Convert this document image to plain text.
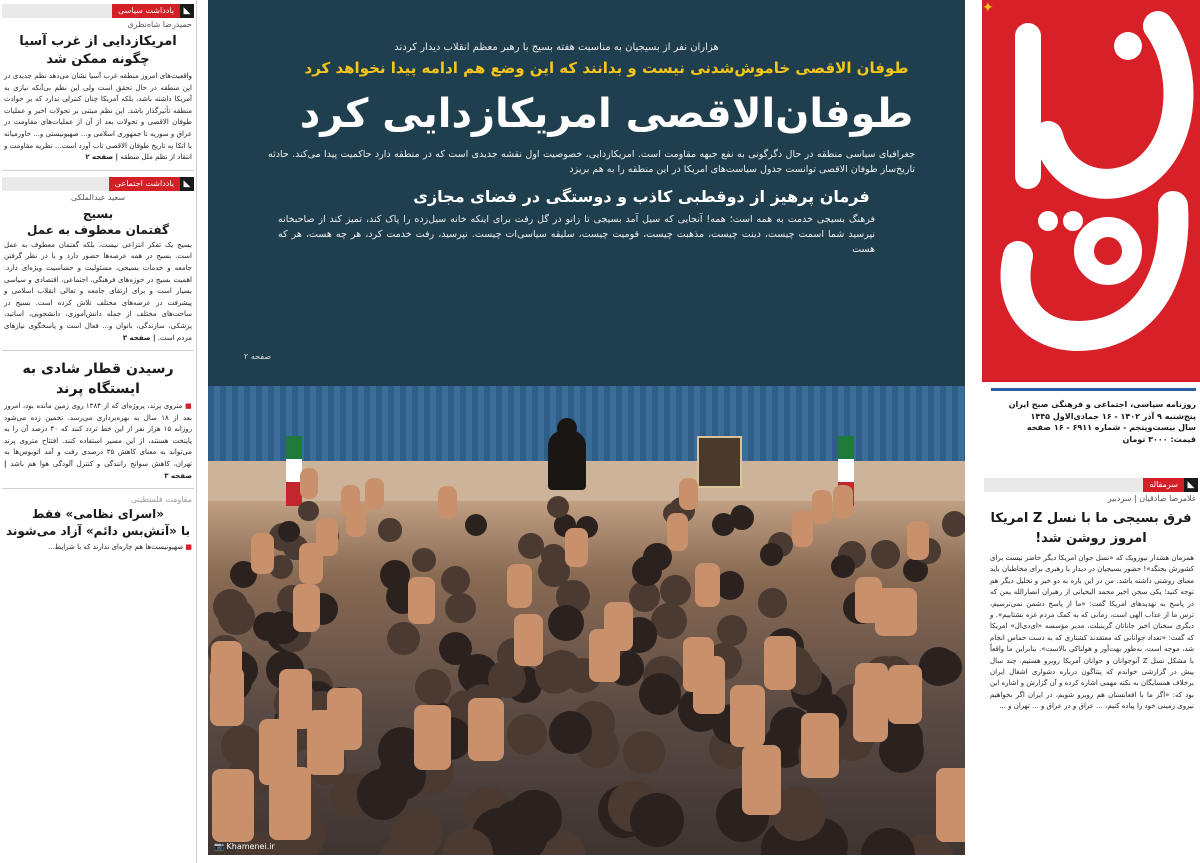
◣
یادداشت سیاسی
حمیدرضا شاه‌نظری
امریکازدایی از غرب آسیا چگونه ممکن شد
واقعیت‌های امروز منطقه غرب آسیا نشان می‌دهد نظم جدیدی در این منطقه در حال تحقق است ولی این نظم بی‌آنکه نیازی به آمریکا داشته باشد، بلکه آمریکا چنان کنترلی ندارد که بر حوادث منطقه تأثیرگذار باشد. این نظم مبتنی بر تحولات اخیر و عملیات طوفان الاقصی و تحولات بعد از آن از عملیات‌های مقاومت در عراق و سوریه تا جمهوری اسلامی و... صهیونیستی و... خاورمیانه با اتکا به تاریخ طوفان الاقصی تاب آورد است... نظریه مقاومت و انتقاد از نظم ملل منطقه | صفحه ۲
◣
یادداشت اجتماعی
سعید عبدالملکی
بسیج
گفتمان معطوف به عمل
بسیج یک تفکر انتزاعی نیست، بلکه گفتمان معطوف به عمل است. بسیج در همه عرصه‌ها حضور دارد و با در نظر گرفتن جامعه و خدمات بسیجی، مسئولیت و حساسیت ویژه‌ای دارد. اهمیت بسیج در حوزه‌های فرهنگی، اجتماعی، اقتصادی و سیاسی بسیار است و برای ارتقای جامعه و تعالی انقلاب اسلامی و پیشرفت در عرصه‌های مختلف تلاش کرده است. بسیج در ساحت‌های مختلف از جمله دانش‌آموزی، دانشجویی، اساتید، پزشکی، سازندگی، بانوان و... فعال است و پاسخگوی نیازهای مردم است. | صفحه ۳
رسیدن قطار شادی به ایستگاه پرند
■ متروی پرند، پروژه‌ای که از ۱۳۸۴ روی زمین مانده بود، امروز بعد از ۱۸ سال به بهره‌برداری می‌رسد. تخمین زده می‌شود روزانه ۱۵ هزار نفر از این خط تردد کنند که ۴۰ درصد آن را به پایتخت هستند، از این مسیر استفاده کنند. افتتاح متروی پرند می‌تواند به معنای کاهش ۳۵ درصدی رفت و آمد اتوبوس‌ها به تهران، کاهش سوانح رانندگی و کنترل آلودگی هوا هم باشد | صفحه ۳
مقاومت فلسطینی
«اسرای نظامی» فقط
با «آتش‌بس دائم» آزاد می‌شوند
■ صهیونیست‌ها هم چاره‌ای ندارند که با شرایط...
هزاران نفر از بسیجیان به مناسبت هفته بسیج با رهبر معظم انقلاب دیدار کردند
طوفان الاقصی خاموش‌شدنی نیست و بدانند که این وضع هم ادامه پیدا نخواهد کرد
طوفان‌الاقصی امریکازدایی کرد
جغرافیای سیاسی منطقه در حال دگرگونی به نفع جبهه مقاومت است. امریکازدایی، خصوصیت اول نقشه جدیدی است که در منطقه دارد حاکمیت پیدا می‌کند. حادثه تاریخ‌ساز طوفان الاقصی توانست جدول سیاست‌های امریکا در این منطقه را به هم بریزد
فرمان پرهیز از دوقطبی کاذب و دوستگی در فضای مجازی
فرهنگ بسیجی خدمت به همه است؛ همه! آنجایی که سیل آمد بسیجی تا زانو در گل رفت برای اینکه خانه سیل‌زده را پاک کند، تمیز کند از صاحبخانه نپرسید شما اسمت چیست، دینت چیست، مذهبت چیست، قومیت چیست، سلیقه سیاسی‌ات چیست. نپرسید، رفت خدمت کرد، هر چه هست، هر که هست
صفحه ۲
📷 Khamenei.ir
✦
روزنامه سیاسی، اجتماعی و فرهنگی صبح ایران
پنج‌شنبه ۹ آذر ۱۴۰۲ - ۱۶ جمادی‌الاول ۱۴۴۵
سال بیست‌وپنجم - شماره ۶۹۱۱ - ۱۶ صفحه
قیمت: ۳۰۰۰ تومان
◣
سرمقاله
غلامرضا صادقیان | سردبیر
فرق بسیجی ما با نسل Z امریکا امروز روشن شد!
همزمان هشدار نیوزویک که «نسل جوان امریکا دیگر حاضر نیست برای کشورش بجنگد»! حضور بسیجیان در دیدار با رهبری برای مخاطبان باید معنای روشنی داشته باشد. من در این باره به دو خبر و تحلیل دیگر هم توجه کنید؛ یکی سخن اخیر محمد الیخیانی از رهبران انصارالله یمن که در پاسخ به تهدیدهای امریکا گفت: «ما از پاسخ دشمن نمی‌ترسیم، ترس ما از عذاب الهی است، زمانی که به کمک مردم غزه نشتابیم». و دیگری سخنان اخیر جاناتان گرینبلت، مدیر مؤسسه «ای‌دی‌ال» امریکا که گفت: «تعداد جوانانی که معتقدند کشتاری که به دست حماس انجام شد، موجه است، به‌طور بهت‌آور و هولناکی بالاست». بنابراین ما واقعاً با مشکل نسل Z آنوجوانان و جوانان آمریکا روبرو هستیم. چند سال پیش در گزارشی خواندم که پنتاگون درباره دشواری اشغال ایران برخلاف همسایگان به نکته مهمی اشاره کرده و آن گزارش و اشاره این بود که: «اگر ما با افغانستان هم روبرو شویم، در ایران اگر بخواهیم نیروی زمینی خود را پیاده کنیم، ... عراق و در عراق و ... تهران و ...
